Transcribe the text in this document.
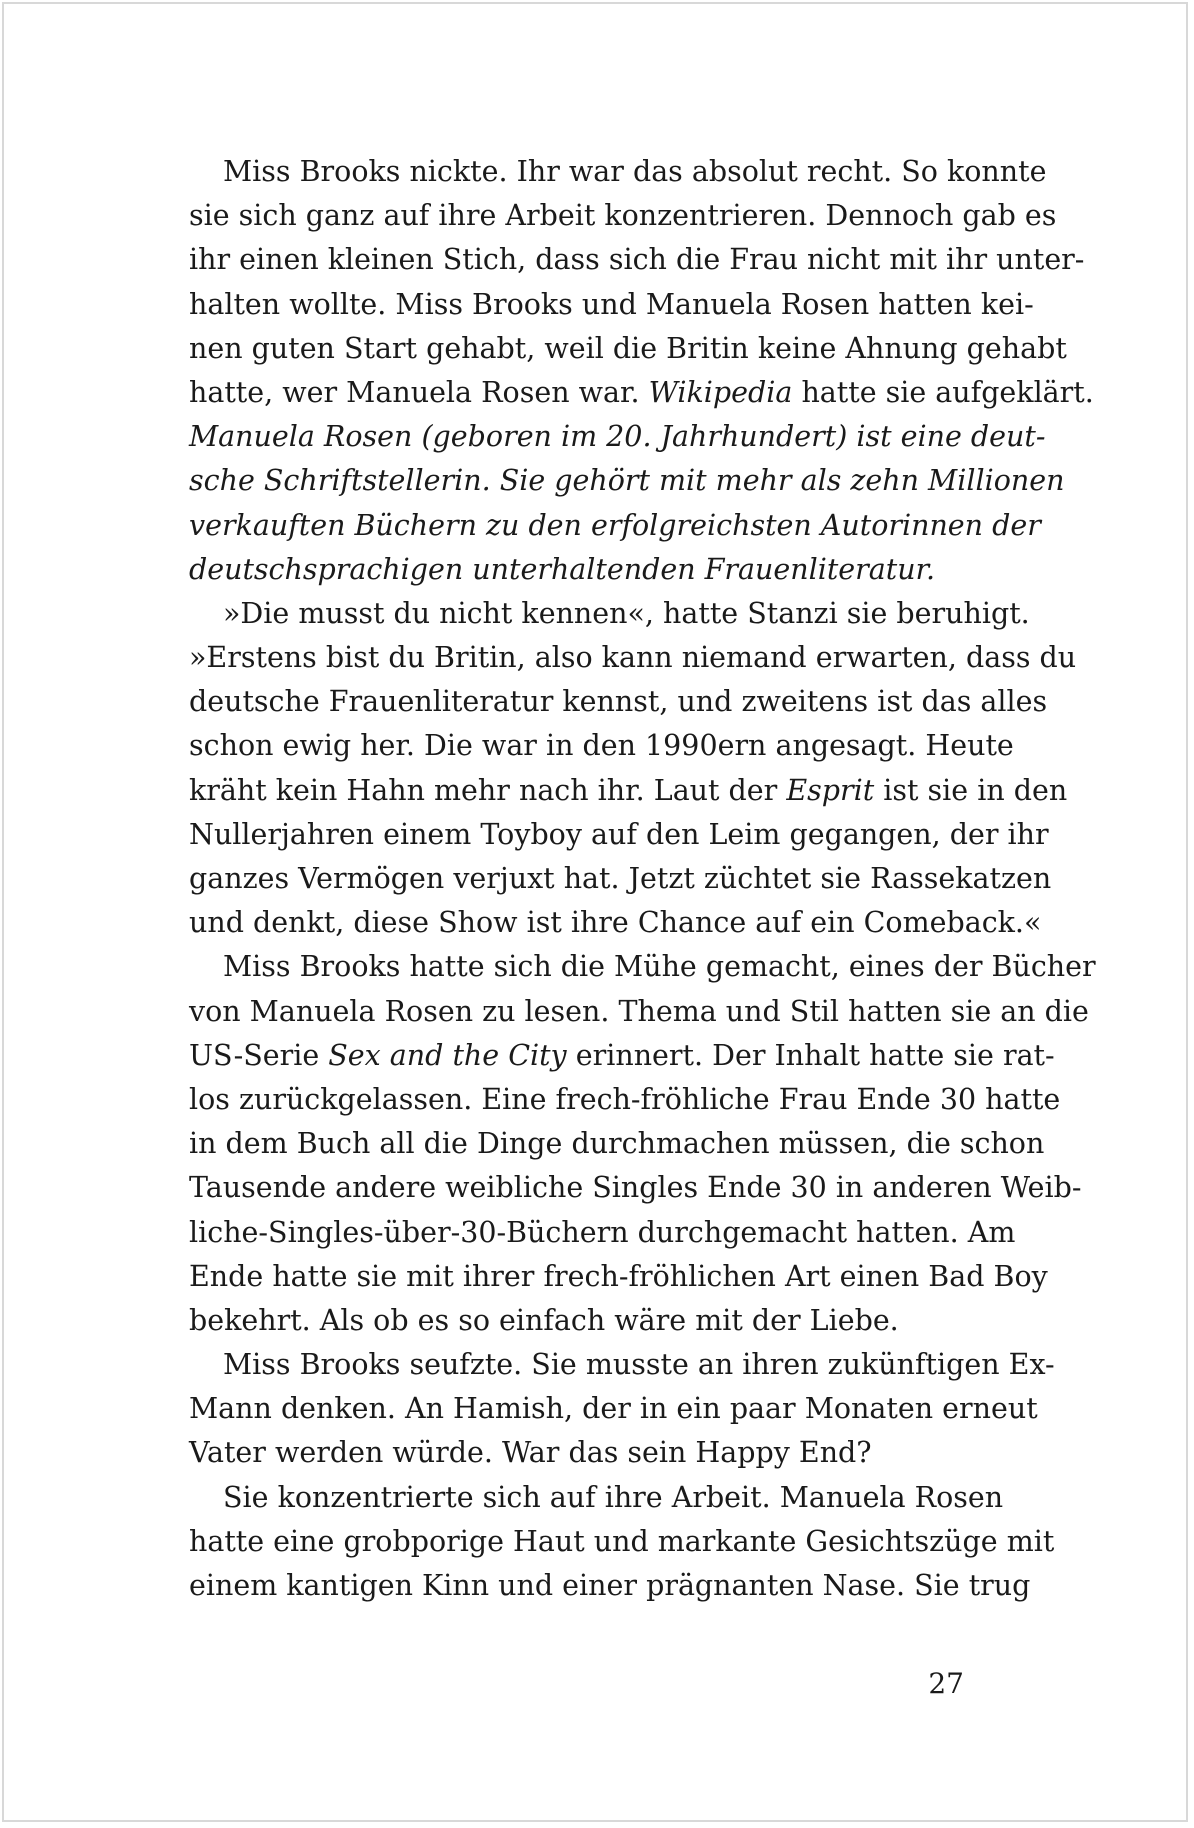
Miss Brooks nickte. Ihr war das absolut recht. So konnte
sie sich ganz auf ihre Arbeit konzentrieren. Dennoch gab es
ihr einen kleinen Stich, dass sich die Frau nicht mit ihr unter-
halten wollte. Miss Brooks und Manuela Rosen hatten kei-
nen guten Start gehabt, weil die Britin keine Ahnung gehabt
hatte, wer Manuela Rosen war. Wikipedia hatte sie aufgeklärt.
Manuela Rosen (geboren im 20. Jahrhundert) ist eine deut-
sche Schriftstellerin. Sie gehört mit mehr als zehn Millionen
verkauften Büchern zu den erfolgreichsten Autorinnen der
deutschsprachigen unterhaltenden Frauenliteratur.
»Die musst du nicht kennen«, hatte Stanzi sie beruhigt.
»Erstens bist du Britin, also kann niemand erwarten, dass du
deutsche Frauenliteratur kennst, und zweitens ist das alles
schon ewig her. Die war in den 1990ern angesagt. Heute
kräht kein Hahn mehr nach ihr. Laut der Esprit ist sie in den
Nullerjahren einem Toyboy auf den Leim gegangen, der ihr
ganzes Vermögen verjuxt hat. Jetzt züchtet sie Rassekatzen
und denkt, diese Show ist ihre Chance auf ein Comeback.«
Miss Brooks hatte sich die Mühe gemacht, eines der Bücher
von Manuela Rosen zu lesen. Thema und Stil hatten sie an die
US-Serie Sex and the City erinnert. Der Inhalt hatte sie rat-
los zurückgelassen. Eine frech-fröhliche Frau Ende 30 hatte
in dem Buch all die Dinge durchmachen müssen, die schon
Tausende andere weibliche Singles Ende 30 in anderen Weib-
liche-Singles-über-30-Büchern durchgemacht hatten. Am
Ende hatte sie mit ihrer frech-fröhlichen Art einen Bad Boy
bekehrt. Als ob es so einfach wäre mit der Liebe.
Miss Brooks seufzte. Sie musste an ihren zukünftigen Ex-
Mann denken. An Hamish, der in ein paar Monaten erneut
Vater werden würde. War das sein Happy End?
Sie konzentrierte sich auf ihre Arbeit. Manuela Rosen
hatte eine grobporige Haut und markante Gesichtszüge mit
einem kantigen Kinn und einer prägnanten Nase. Sie trug
27
